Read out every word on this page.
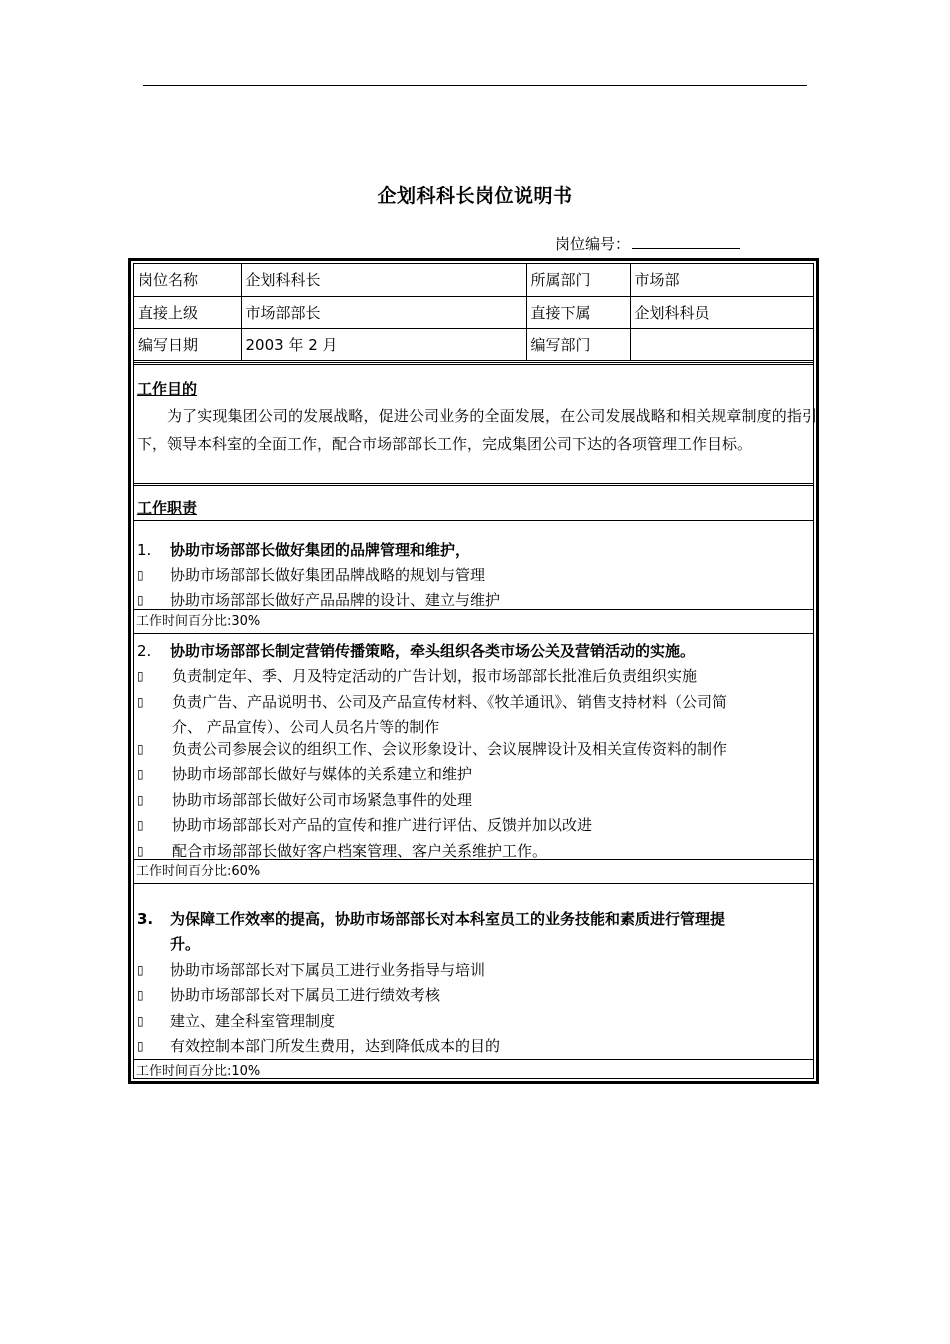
企划科科长岗位说明书
岗位编号：
岗位名称	企划科科长	所属部门	市场部
直接上级	市场部部长	直接下属	企划科科员
编写日期	2003 年 2 月	编写部门	
工作目的
为了实现集团公司的发展战略，促进公司业务的全面发展，在公司发展战略和相关规章制度的指引下，领导本科室的全面工作，配合市场部部长工作，完成集团公司下达的各项管理工作目标。
工作职责
1. 协助市场部部长做好集团的品牌管理和维护，
▯ 协助市场部部长做好集团品牌战略的规划与管理
▯ 协助市场部部长做好产品品牌的设计、建立与维护
工作时间百分比:30%
2. 协助市场部部长制定营销传播策略，牵头组织各类市场公关及营销活动的实施。
▯ 负责制定年、季、月及特定活动的广告计划，报市场部部长批准后负责组织实施
▯ 负责广告、产品说明书、公司及产品宣传材料、《牧羊通讯》、销售支持材料（公司简
介、 产品宣传）、公司人员名片等的制作
▯ 负责公司参展会议的组织工作、会议形象设计、会议展牌设计及相关宣传资料的制作
▯ 协助市场部部长做好与媒体的关系建立和维护
▯ 协助市场部部长做好公司市场紧急事件的处理
▯ 协助市场部部长对产品的宣传和推广进行评估、反馈并加以改进
▯ 配合市场部部长做好客户档案管理、客户关系维护工作。
工作时间百分比:60%
3. 为保障工作效率的提高，协助市场部部长对本科室员工的业务技能和素质进行管理提
升。
▯ 协助市场部部长对下属员工进行业务指导与培训
▯ 协助市场部部长对下属员工进行绩效考核
▯ 建立、建全科室管理制度
▯ 有效控制本部门所发生费用，达到降低成本的目的
工作时间百分比:10%
